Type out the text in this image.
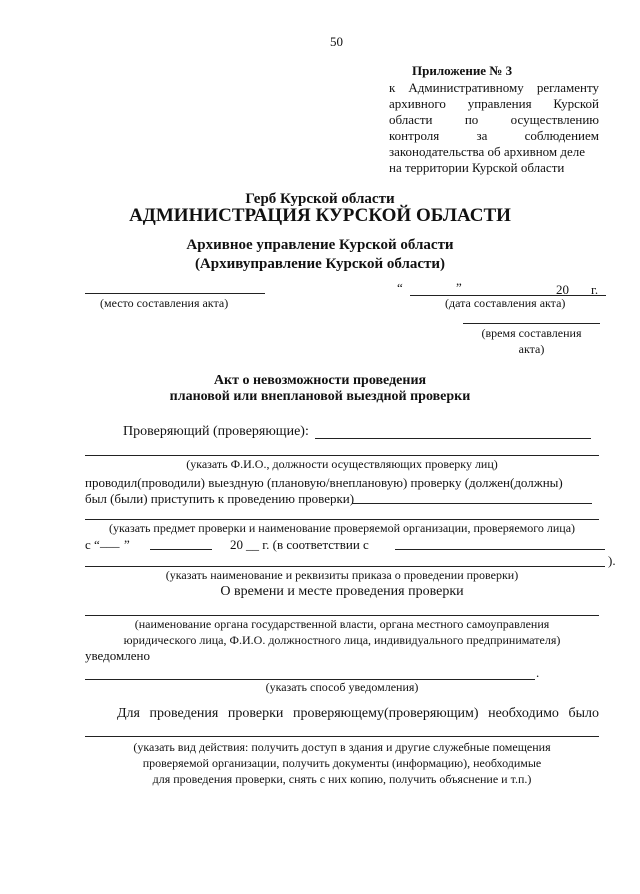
50
Приложение № 3
к Административному регламенту
архивного управления Курской
области по осуществлению
контроля	за	соблюдением
законодательства об архивном деле
на территории Курской области
Герб Курской области
АДМИНИСТРАЦИЯ КУРСКОЙ ОБЛАСТИ
Архивное управление Курской области
(Архивуправление Курской области)
“	”	20 г.
(место составления акта)	(дата составления акта)
(время составления
акта)
Акт о невозможности проведения
плановой или внеплановой выездной проверки
Проверяющий (проверяющие):
(указать Ф.И.О., должности осуществляющих проверку лиц)
проводил(проводили) выездную (плановую/внеплановую) проверку (должен(должны)
был (были) приступить к проведению проверки)
(указать предмет проверки и наименование проверяемой организации, проверяемого лица)
с “ ___ ”	20 __ г. (в соответствии с
).
(указать наименование и реквизиты приказа о проведении проверки)
О времени и месте проведения проверки
(наименование органа государственной власти, органа местного самоуправления
юридического лица, Ф.И.О. должностного лица, индивидуального предпринимателя)
уведомлено
.
(указать способ уведомления)
Для проведения проверки проверяющему(проверяющим) необходимо было
(указать вид действия: получить доступ в здания и другие служебные помещения
проверяемой организации, получить документы (информацию), необходимые
для проведения проверки, снять с них копию, получить объяснение и т.п.)
